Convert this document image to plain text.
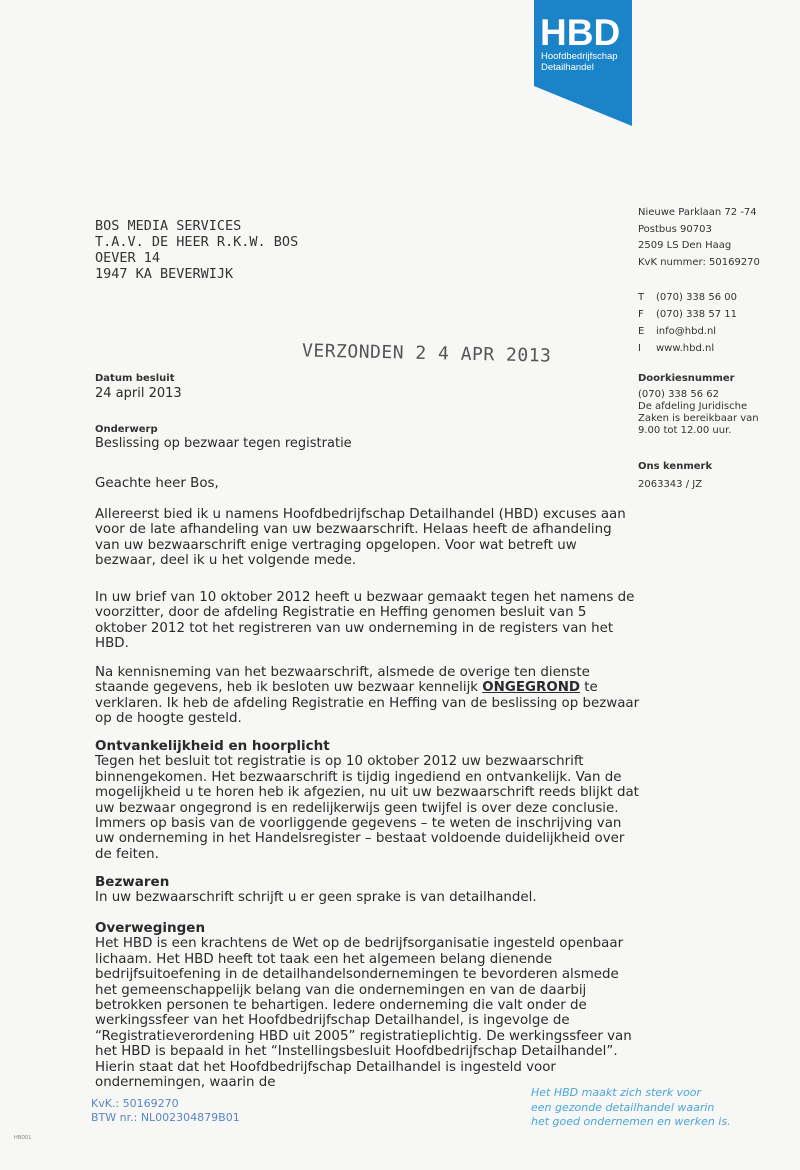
HBD
Hoofdbedrijfschap
Detailhandel
BOS MEDIA SERVICES
T.A.V. DE HEER R.K.W. BOS
OEVER 14
1947 KA BEVERWIJK
Nieuwe Parklaan 72 -74
Postbus 90703
2509 LS Den Haag
KvK nummer: 50169270
T (070) 338 56 00
F (070) 338 57 11
E info@hbd.nl
I www.hbd.nl
Doorkiesnummer
(070) 338 56 62
De afdeling Juridische
Zaken is bereikbaar van
9.00 tot 12.00 uur.
Ons kenmerk
2063343 / JZ
VERZONDEN 2 4 APR 2013
Datum besluit
24 april 2013
Onderwerp
Beslissing op bezwaar tegen registratie
Geachte heer Bos,

Allereerst bied ik u namens Hoofdbedrijfschap Detailhandel (HBD) excuses aan voor de late afhandeling van uw bezwaarschrift. Helaas heeft de afhandeling van uw bezwaarschrift enige vertraging opgelopen. Voor wat betreft uw bezwaar, deel ik u het volgende mede.

In uw brief van 10 oktober 2012 heeft u bezwaar gemaakt tegen het namens de voorzitter, door de afdeling Registratie en Heffing genomen besluit van 5 oktober 2012 tot het registreren van uw onderneming in de registers van het HBD.

Na kennisneming van het bezwaarschrift, alsmede de overige ten dienste staande gegevens, heb ik besloten uw bezwaar kennelijk ONGEGROND te verklaren. Ik heb de afdeling Registratie en Heffing van de beslissing op bezwaar op de hoogte gesteld.

Ontvankelijkheid en hoorplicht

Tegen het besluit tot registratie is op 10 oktober 2012 uw bezwaarschrift binnengekomen. Het bezwaarschrift is tijdig ingediend en ontvankelijk. Van de mogelijkheid u te horen heb ik afgezien, nu uit uw bezwaarschrift reeds blijkt dat uw bezwaar ongegrond is en redelijkerwijs geen twijfel is over deze conclusie. Immers op basis van de voorliggende gegevens – te weten de inschrijving van uw onderneming in het Handelsregister – bestaat voldoende duidelijkheid over de feiten.

Bezwaren

In uw bezwaarschrift schrijft u er geen sprake is van detailhandel.

Overwegingen

Het HBD is een krachtens de Wet op de bedrijfsorganisatie ingesteld openbaar lichaam. Het HBD heeft tot taak een het algemeen belang dienende bedrijfsuitoefening in de detailhandelsondernemingen te bevorderen alsmede het gemeenschappelijk belang van die ondernemingen en van de daarbij betrokken personen te behartigen. Iedere onderneming die valt onder de werkingssfeer van het Hoofdbedrijfschap Detailhandel, is ingevolge de “Registratieverordening HBD uit 2005” registratieplichtig. De werkingssfeer van het HBD is bepaald in het “Instellingsbesluit Hoofdbedrijfschap Detailhandel”. Hierin staat dat het Hoofdbedrijfschap Detailhandel is ingesteld voor ondernemingen, waarin de

KvK.: 50169270
BTW nr.: NL002304879B01
Het HBD maakt zich sterk voor
een gezonde detailhandel waarin
het goed ondernemen en werken is.
HBD01
